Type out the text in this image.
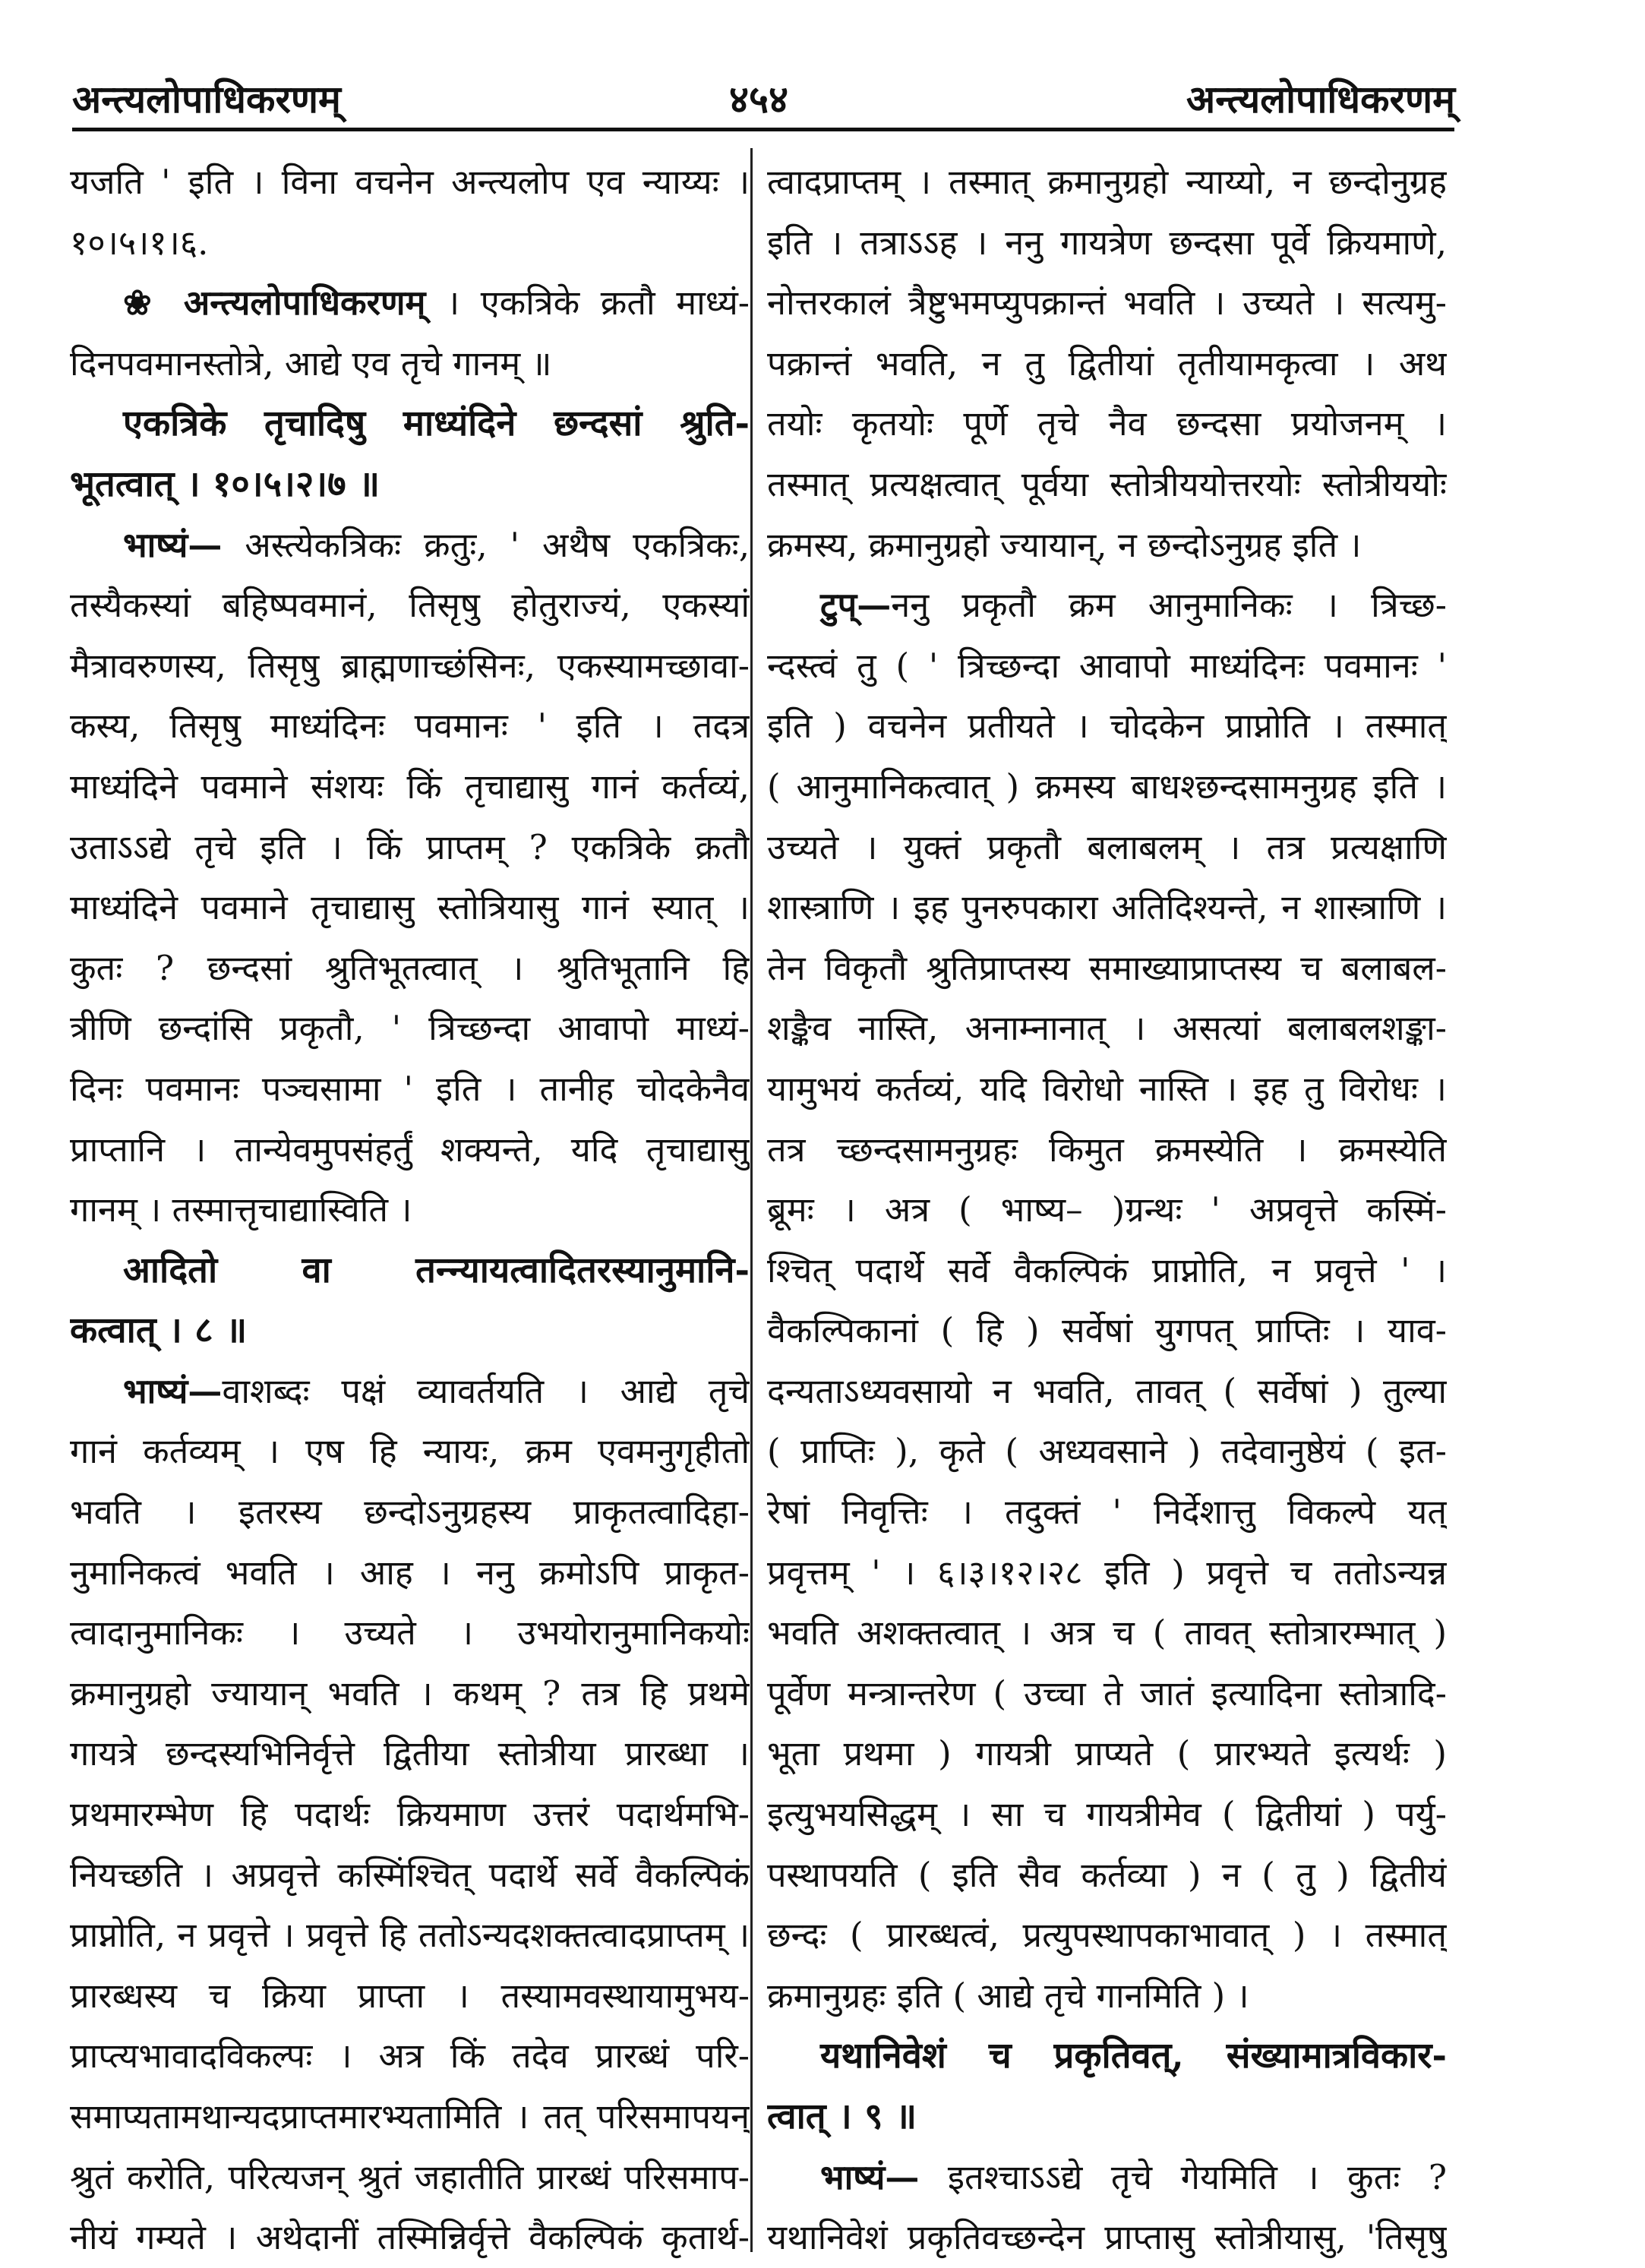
अन्त्यलोपाधिकरणम्	४५४	अन्त्यलोपाधिकरणम्
यजति ' इति । विना वचनेन अन्त्यलोप एव न्याय्यः ।
१०।५।१।६.
❀ अन्त्यलोपाधिकरणम् । एकत्रिके क्रतौ माध्यं-
दिनपवमानस्तोत्रे, आद्ये एव तृचे गानम् ॥
एकत्रिके तृचादिषु माध्यंदिने छन्दसां श्रुति-
भूतत्वात् । १०।५।२।७ ॥
भाष्यं— अस्त्येकत्रिकः क्रतुः, ' अथैष एकत्रिकः,
तस्यैकस्यां बहिष्पवमानं, तिसृषु होतुराज्यं, एकस्यां
मैत्रावरुणस्य, तिसृषु ब्राह्मणाच्छंसिनः, एकस्यामच्छावा-
कस्य, तिसृषु माध्यंदिनः पवमानः ' इति । तदत्र
माध्यंदिने पवमाने संशयः किं तृचाद्यासु गानं कर्तव्यं,
उताऽऽद्ये तृचे इति । किं प्राप्तम् ? एकत्रिके क्रतौ
माध्यंदिने पवमाने तृचाद्यासु स्तोत्रियासु गानं स्यात् ।
कुतः ? छन्दसां श्रुतिभूतत्वात् । श्रुतिभूतानि हि
त्रीणि छन्दांसि प्रकृतौ, ' त्रिच्छन्दा आवापो माध्यं-
दिनः पवमानः पञ्चसामा ' इति । तानीह चोदकेनैव
प्राप्तानि । तान्येवमुपसंहर्तुं शक्यन्ते, यदि तृचाद्यासु
गानम् । तस्मात्तृचाद्यास्विति ।
आदितो वा तन्न्यायत्वादितरस्यानुमानि-
कत्वात् । ८ ॥
भाष्यं—वाशब्दः पक्षं व्यावर्तयति । आद्ये तृचे
गानं कर्तव्यम् । एष हि न्यायः, क्रम एवमनुगृहीतो
भवति । इतरस्य छन्दोऽनुग्रहस्य प्राकृतत्वादिहा-
नुमानिकत्वं भवति । आह । ननु क्रमोऽपि प्राकृत-
त्वादानुमानिकः । उच्यते । उभयोरानुमानिकयोः
क्रमानुग्रहो ज्यायान् भवति । कथम् ? तत्र हि प्रथमे
गायत्रे छन्दस्यभिनिर्वृत्ते द्वितीया स्तोत्रीया प्रारब्धा ।
प्रथमारम्भेण हि पदार्थः क्रियमाण उत्तरं पदार्थमभि-
नियच्छति । अप्रवृत्ते कस्मिंश्चित् पदार्थे सर्वे वैकल्पिकं
प्राप्नोति, न प्रवृत्ते । प्रवृत्ते हि ततोऽन्यदशक्तत्वादप्राप्तम् ।
प्रारब्धस्य च क्रिया प्राप्ता । तस्यामवस्थायामुभय-
प्राप्त्यभावादविकल्पः । अत्र किं तदेव प्रारब्धं परि-
समाप्यतामथान्यदप्राप्तमारभ्यतामिति । तत् परिसमापयन्
श्रुतं करोति, परित्यजन् श्रुतं जहातीति प्रारब्धं परिसमाप-
नीयं गम्यते । अथेदानीं तस्मिन्निर्वृत्ते वैकल्पिकं कृतार्थ-
त्वादप्राप्तम् । तस्मात् क्रमानुग्रहो न्याय्यो, न छन्दोनुग्रह
इति । तत्राऽऽह । ननु गायत्रेण छन्दसा पूर्वे क्रियमाणे,
नोत्तरकालं त्रैष्टुभमप्युपक्रान्तं भवति । उच्यते । सत्यमु-
पक्रान्तं भवति, न तु द्वितीयां तृतीयामकृत्वा । अथ
तयोः कृतयोः पूर्णे तृचे नैव छन्दसा प्रयोजनम् ।
तस्मात् प्रत्यक्षत्वात् पूर्वया स्तोत्रीययोत्तरयोः स्तोत्रीययोः
क्रमस्य, क्रमानुग्रहो ज्यायान्, न छन्दोऽनुग्रह इति ।
टुप्—ननु प्रकृतौ क्रम आनुमानिकः । त्रिच्छ-
न्दस्त्वं तु ( ' त्रिच्छन्दा आवापो माध्यंदिनः पवमानः '
इति ) वचनेन प्रतीयते । चोदकेन प्राप्नोति । तस्मात्
( आनुमानिकत्वात् ) क्रमस्य बाधश्छन्दसामनुग्रह इति ।
उच्यते । युक्तं प्रकृतौ बलाबलम् । तत्र प्रत्यक्षाणि
शास्त्राणि । इह पुनरुपकारा अतिदिश्यन्ते, न शास्त्राणि ।
तेन विकृतौ श्रुतिप्राप्तस्य समाख्याप्राप्तस्य च बलाबल-
शङ्कैव नास्ति, अनाम्नानात् । असत्यां बलाबलशङ्का-
यामुभयं कर्तव्यं, यदि विरोधो नास्ति । इह तु विरोधः ।
तत्र च्छन्दसामनुग्रहः किमुत क्रमस्येति । क्रमस्येति
ब्रूमः । अत्र ( भाष्य– )ग्रन्थः ' अप्रवृत्ते कस्मिं-
श्चित् पदार्थे सर्वे वैकल्पिकं प्राप्नोति, न प्रवृत्ते ' ।
वैकल्पिकानां ( हि ) सर्वेषां युगपत् प्राप्तिः । याव-
दन्यताऽध्यवसायो न भवति, तावत् ( सर्वेषां ) तुल्या
( प्राप्तिः ), कृते ( अध्यवसाने ) तदेवानुष्ठेयं ( इत-
रेषां निवृत्तिः । तदुक्तं ' निर्देशात्तु विकल्पे यत्
प्रवृत्तम् ' । ६।३।१२।२८ इति ) प्रवृत्ते च ततोऽन्यन्न
भवति अशक्तत्वात् । अत्र च ( तावत् स्तोत्रारम्भात् )
पूर्वेण मन्त्रान्तरेण ( उच्चा ते जातं इत्यादिना स्तोत्रादि-
भूता प्रथमा ) गायत्री प्राप्यते ( प्रारभ्यते इत्यर्थः )
इत्युभयसिद्धम् । सा च गायत्रीमेव ( द्वितीयां ) पर्यु-
पस्थापयति ( इति सैव कर्तव्या ) न ( तु ) द्वितीयं
छन्दः ( प्रारब्धत्वं, प्रत्युपस्थापकाभावात् ) । तस्मात्
क्रमानुग्रहः इति ( आद्ये तृचे गानमिति ) ।
यथानिवेशं च प्रकृतिवत्, संख्यामात्रविकार-
त्वात् । ९ ॥
भाष्यं— इतश्चाऽऽद्ये तृचे गेयमिति । कुतः ?
यथानिवेशं प्रकृतिवच्छन्देन प्राप्तासु स्तोत्रीयासु, 'तिसृषु
